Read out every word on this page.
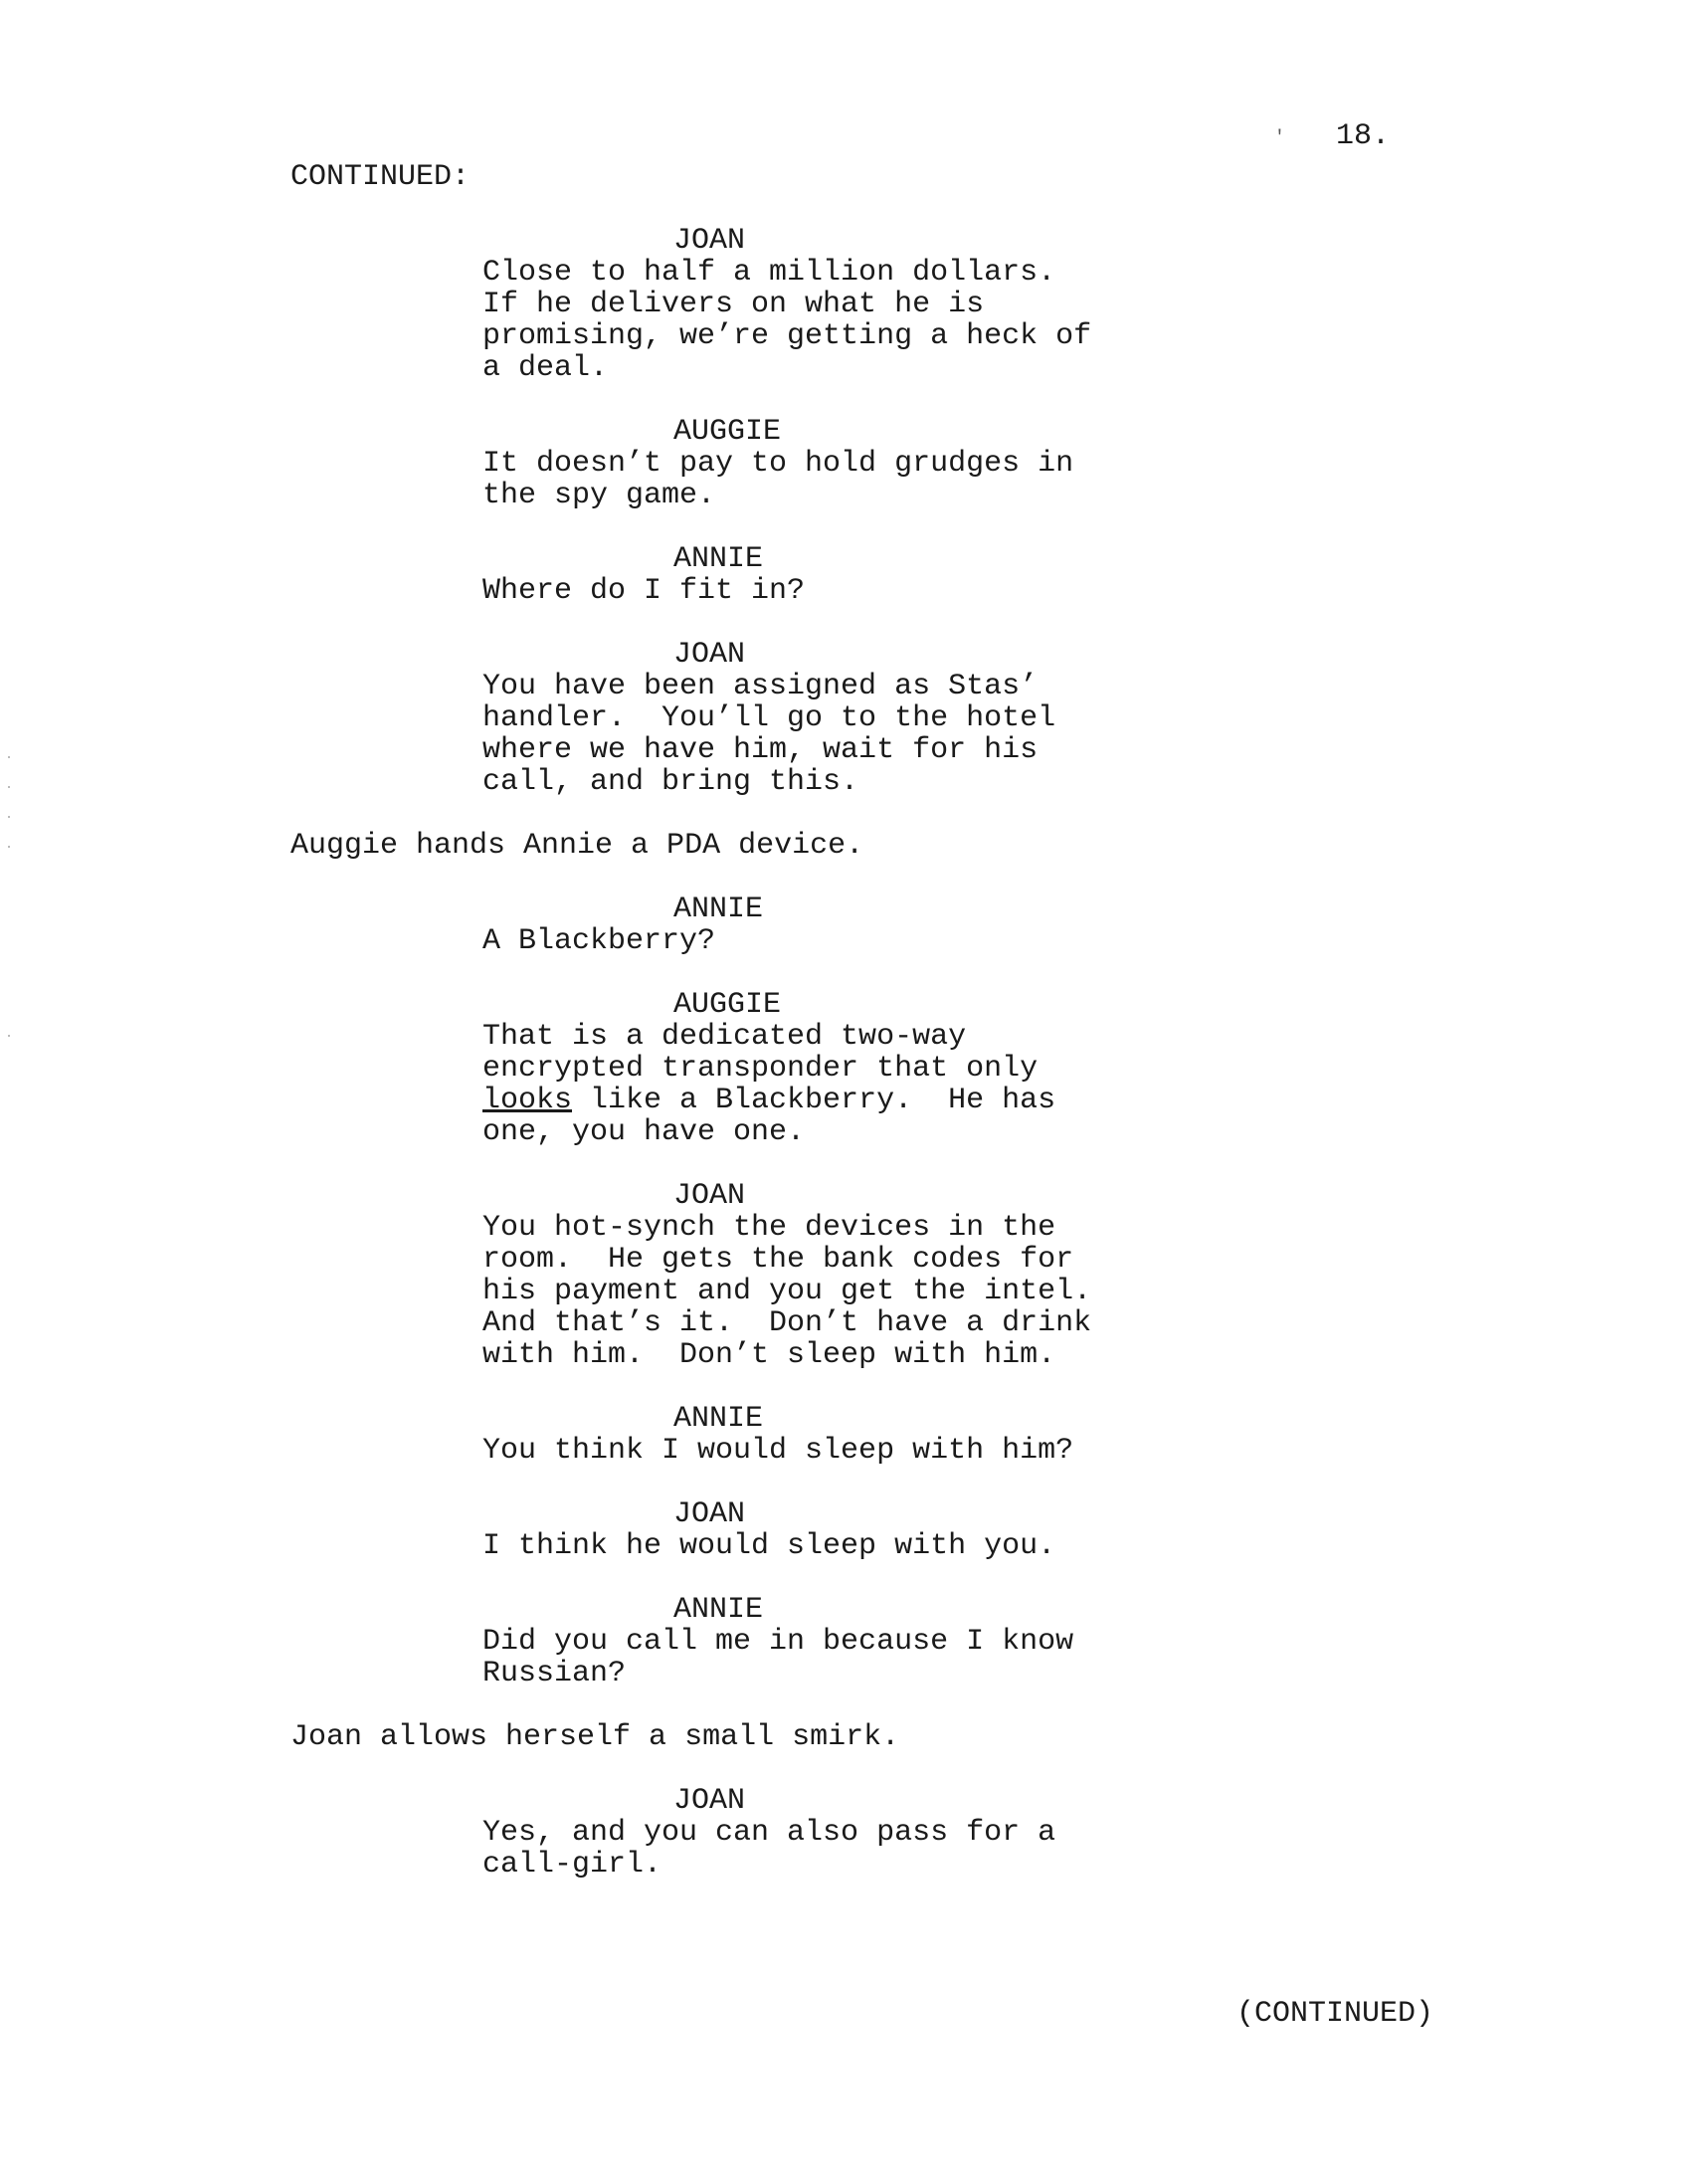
' 18.
CONTINUED:
JOAN
Close to half a million dollars.
If he delivers on what he is
promising, we’re getting a heck of
a deal.
AUGGIE
It doesn’t pay to hold grudges in
the spy game.
ANNIE
Where do I fit in?
JOAN
You have been assigned as Stas’
handler.  You’ll go to the hotel
where we have him, wait for his
call, and bring this.
Auggie hands Annie a PDA device.
ANNIE
A Blackberry?
AUGGIE
That is a dedicated two-way
encrypted transponder that only
looks like a Blackberry.  He has
one, you have one.
JOAN
You hot-synch the devices in the
room.  He gets the bank codes for
his payment and you get the intel.
And that’s it.  Don’t have a drink
with him.  Don’t sleep with him.
ANNIE
You think I would sleep with him?
JOAN
I think he would sleep with you.
ANNIE
Did you call me in because I know
Russian?
Joan allows herself a small smirk.
JOAN
Yes, and you can also pass for a
call-girl.
(CONTINUED)
